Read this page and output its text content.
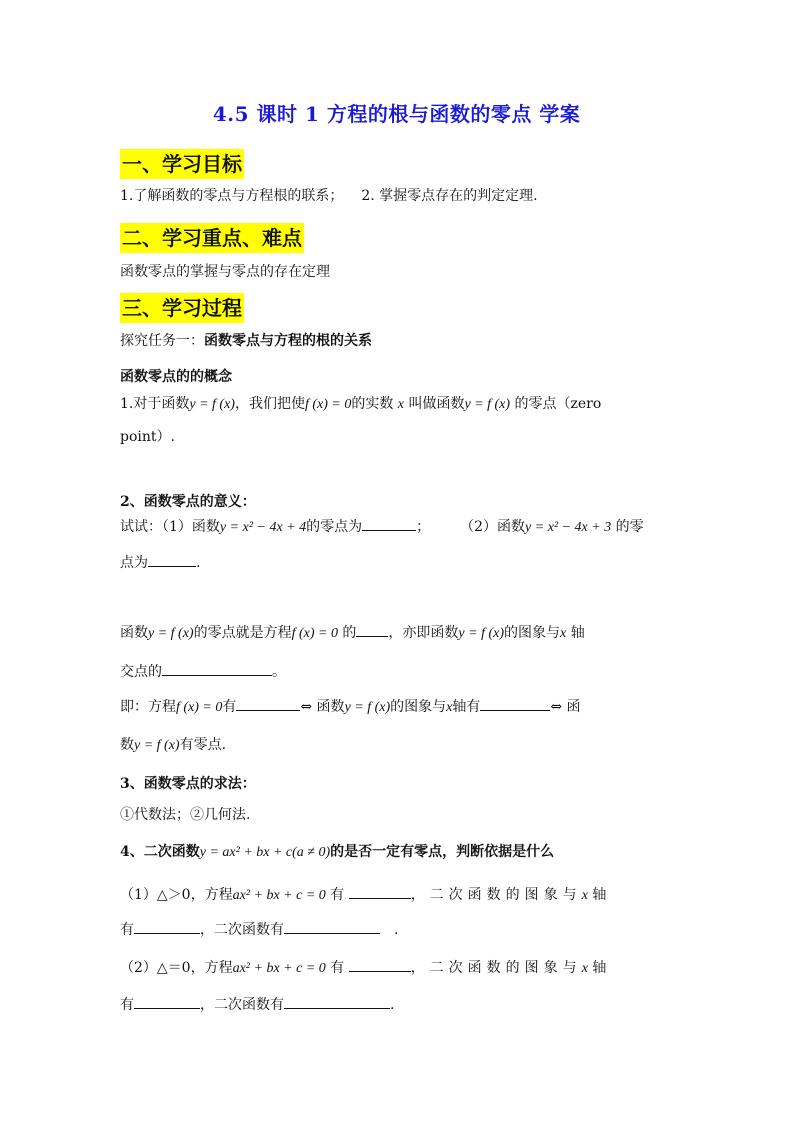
4.5 课时 1 方程的根与函数的零点 学案
一、学习目标
1.了解函数的零点与方程根的联系； 2. 掌握零点存在的判定定理.
二、学习重点、难点
函数零点的掌握与零点的存在定理
三、学习过程
探究任务一：函数零点与方程的根的关系
函数零点的的概念
1.对于函数y = f (x)，我们把使f (x) = 0的实数 x 叫做函数y = f (x) 的零点（zero
point）.
2、函数零点的意义：
试试：（1）函数y = x² − 4x + 4的零点为	； （2）函数y = x² − 4x + 3 的零
点为	.
函数y = f (x)的零点就是方程f (x) = 0 的 ，亦即函数y = f (x)的图象与x 轴
交点的	。
即：方程f (x) = 0有	⇔ 函数y = f (x)的图象与x轴有	⇔ 函
数y = f (x)有零点.
3、函数零点的求法：
①代数法；②几何法.
4、二次函数y = ax² + bx + c(a ≠ 0)的是否一定有零点，判断依据是什么
（1）△＞0，方程ax² + bx + c = 0 有	，二次函数的图象与x 轴
有	，二次函数有	.
（2）△＝0，方程ax² + bx + c = 0 有	，二次函数的图象与x 轴
有	，二次函数有	.
